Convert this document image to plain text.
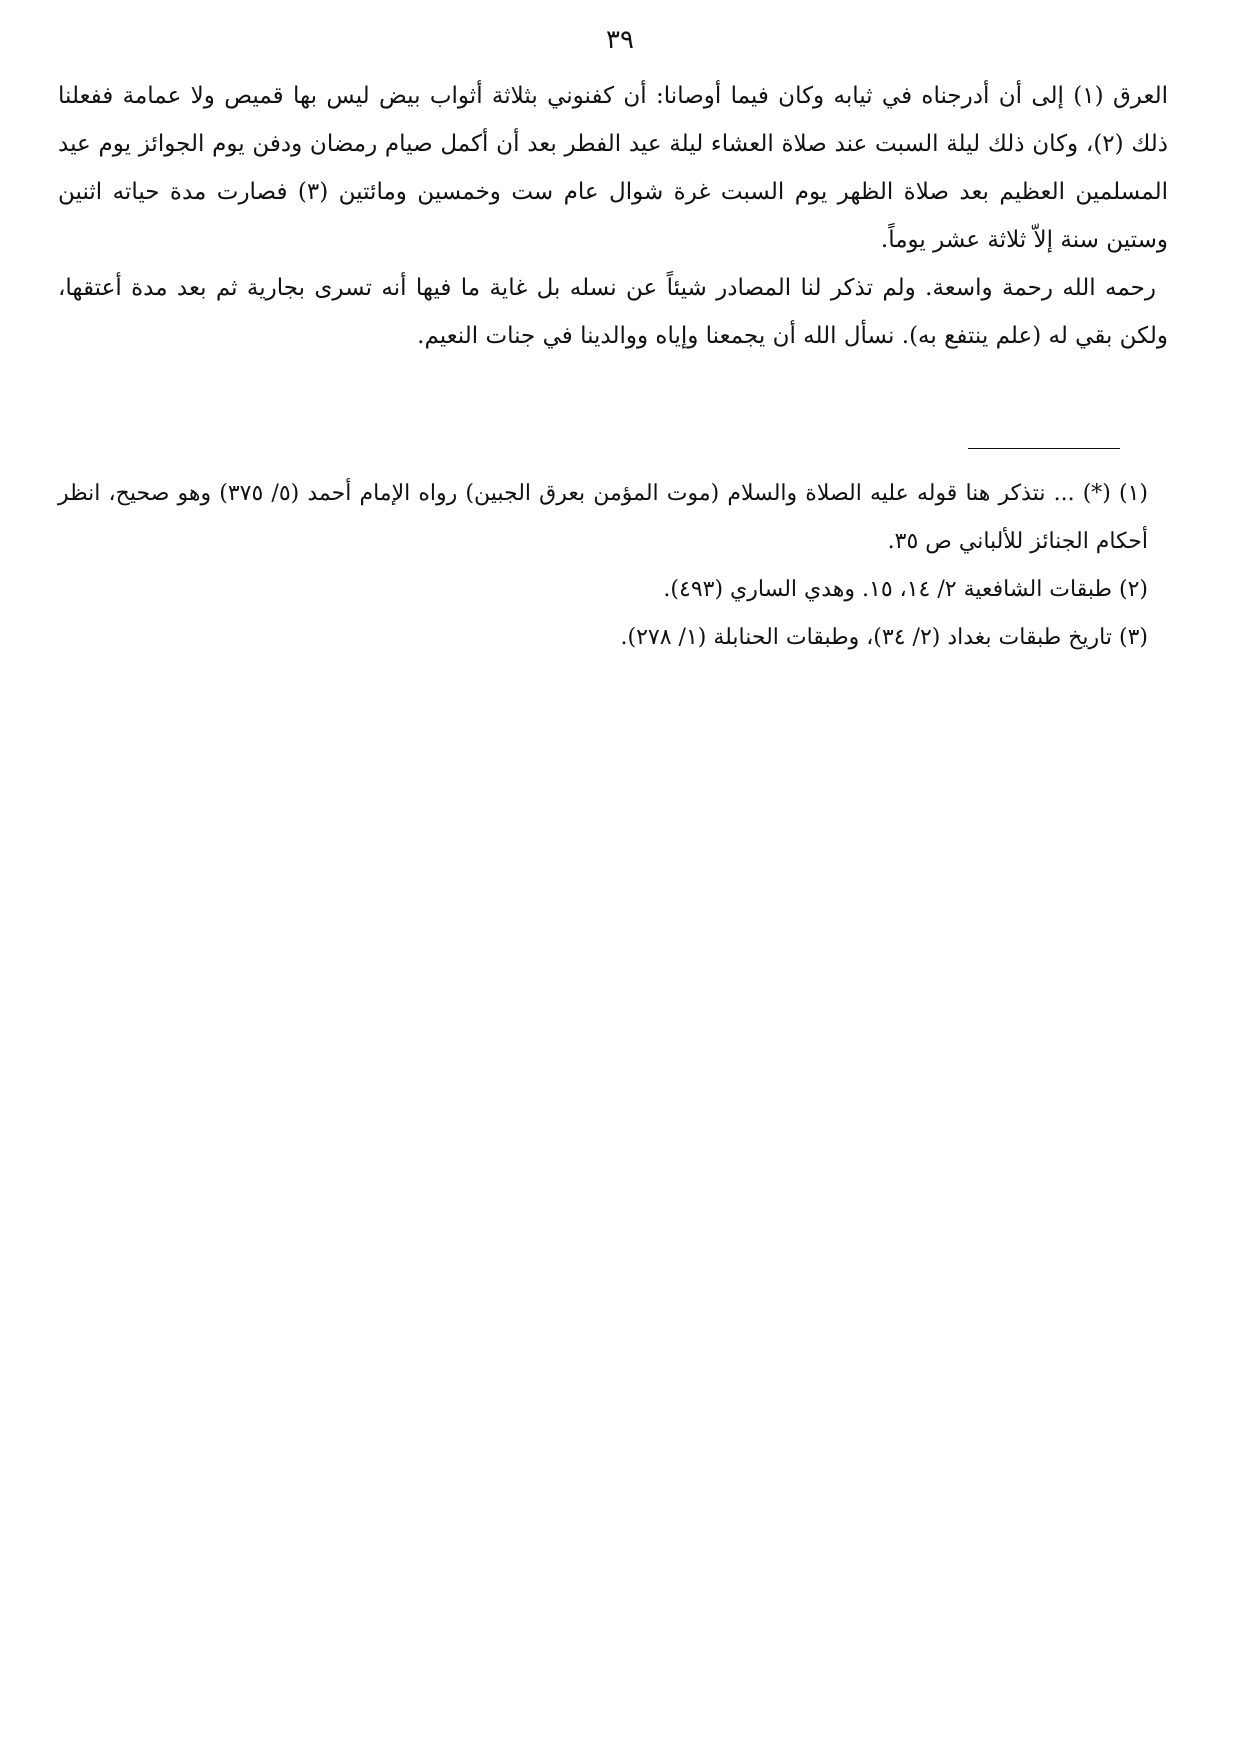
٣٩

العرق (١) إلى أن أدرجناه في ثيابه وكان فيما أوصانا: أن كفنوني بثلاثة أثواب بيض ليس بها قميص ولا عمامة ففعلنا ذلك (٢)، وكان ذلك ليلة السبت عند صلاة العشاء ليلة عيد الفطر بعد أن أكمل صيام رمضان ودفن يوم الجوائز يوم عيد المسلمين العظيم بعد صلاة الظهر يوم السبت غرة شوال عام ست وخمسين ومائتين (٣) فصارت مدة حياته اثنين وستين سنة إلاّ ثلاثة عشر يوماً.

رحمه الله رحمة واسعة. ولم تذكر لنا المصادر شيئاً عن نسله بل غاية ما فيها أنه تسرى بجارية ثم بعد مدة أعتقها، ولكن بقي له (علم ينتفع به). نسأل الله أن يجمعنا وإياه ووالدينا في جنات النعيم.

(١) (*) ... نتذكر هنا قوله عليه الصلاة والسلام (موت المؤمن بعرق الجبين) رواه الإمام أحمد (٥/ ٣٧٥) وهو صحيح، انظر أحكام الجنائز للألباني ص ٣٥.

(٢) طبقات الشافعية ٢/ ١٤، ١٥. وهدي الساري (٤٩٣).

(٣) تاريخ طبقات بغداد (٢/ ٣٤)، وطبقات الحنابلة (١/ ٢٧٨).
